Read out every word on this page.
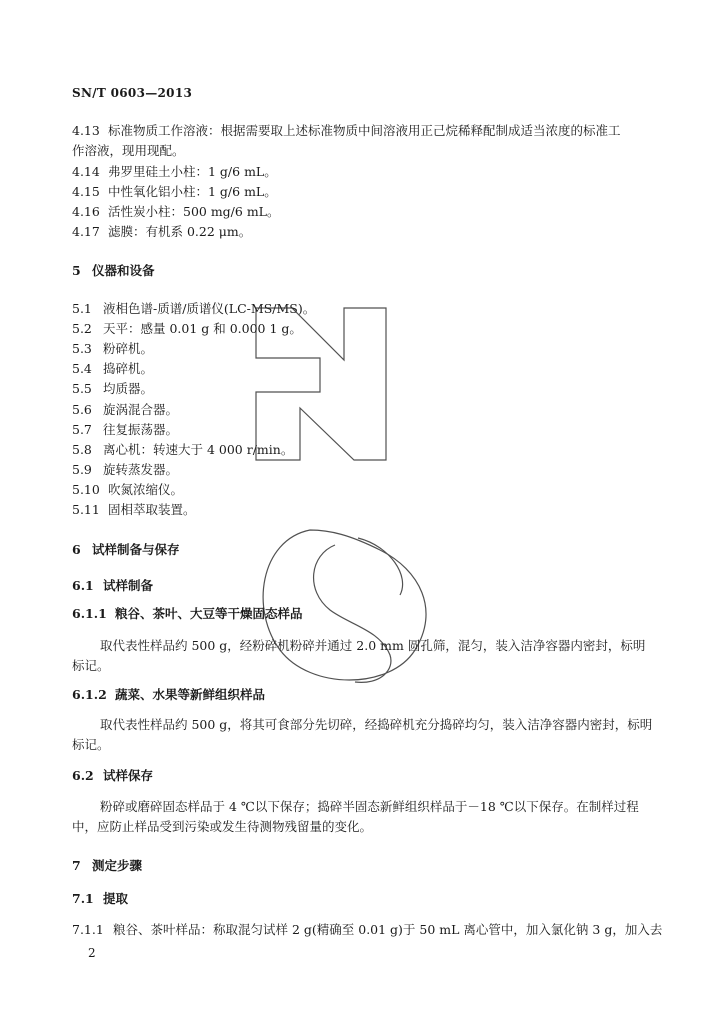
SN/T 0603—2013
4.13 标准物质工作溶液：根据需要取上述标准物质中间溶液用正己烷稀释配制成适当浓度的标准工
作溶液，现用现配。
4.14 弗罗里硅土小柱：1 g/6 mL。
4.15 中性氧化铝小柱：1 g/6 mL。
4.16 活性炭小柱：500 mg/6 mL。
4.17 滤膜：有机系 0.22 μm。
5 仪器和设备
5.1 液相色谱-质谱/质谱仪(LC-MS/MS)。
5.2 天平：感量 0.01 g 和 0.000 1 g。
5.3 粉碎机。
5.4 捣碎机。
5.5 均质器。
5.6 旋涡混合器。
5.7 往复振荡器。
5.8 离心机：转速大于 4 000 r/min。
5.9 旋转蒸发器。
5.10 吹氮浓缩仪。
5.11 固相萃取装置。
6 试样制备与保存
6.1 试样制备
6.1.1 粮谷、茶叶、大豆等干燥固态样品
取代表性样品约 500 g，经粉碎机粉碎并通过 2.0 mm 圆孔筛，混匀，装入洁净容器内密封，标明
标记。
6.1.2 蔬菜、水果等新鲜组织样品
取代表性样品约 500 g，将其可食部分先切碎，经捣碎机充分捣碎均匀，装入洁净容器内密封，标明
标记。
6.2 试样保存
粉碎或磨碎固态样品于 4 ℃以下保存；捣碎半固态新鲜组织样品于－18 ℃以下保存。在制样过程
中，应防止样品受到污染或发生待测物残留量的变化。
7 测定步骤
7.1 提取
7.1.1 粮谷、茶叶样品：称取混匀试样 2 g(精确至 0.01 g)于 50 mL 离心管中，加入氯化钠 3 g，加入去
2
